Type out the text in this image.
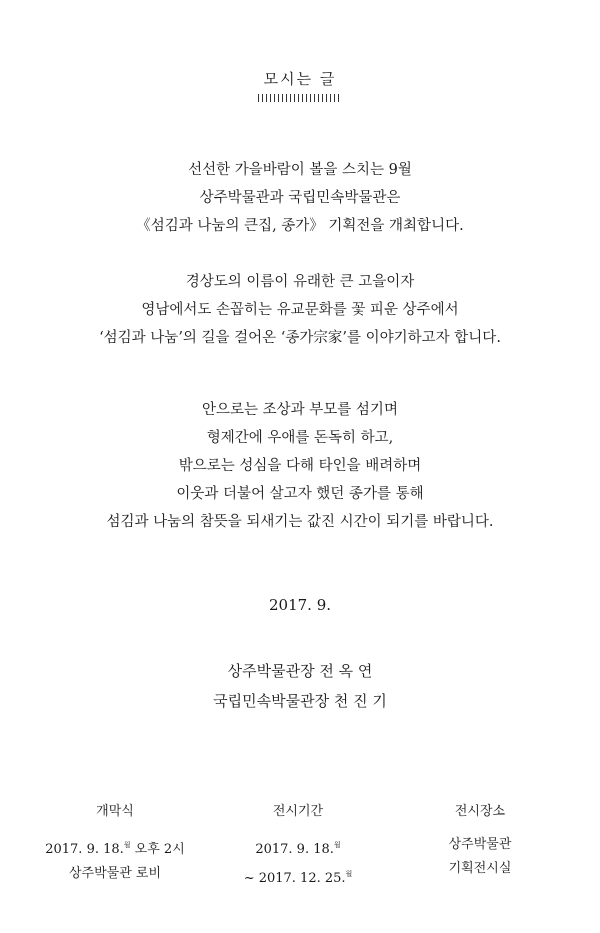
모시는 글
선선한 가을바람이 볼을 스치는 9월
상주박물관과 국립민속박물관은
《섬김과 나눔의 큰집, 종가》 기획전을 개최합니다.
경상도의 이름이 유래한 큰 고을이자
영남에서도 손꼽히는 유교문화를 꽃 피운 상주에서
‘섬김과 나눔’의 길을 걸어온 ‘종가宗家’를 이야기하고자 합니다.
안으로는 조상과 부모를 섬기며
형제간에 우애를 돈독히 하고,
밖으로는 성심을 다해 타인을 배려하며
이웃과 더불어 살고자 했던 종가를 통해
섬김과 나눔의 참뜻을 되새기는 값진 시간이 되기를 바랍니다.
2017. 9.
상주박물관장 전 옥 연
국립민속박물관장 천 진 기
개막식
2017. 9. 18.$^월$ 오후 2시
상주박물관 로비
전시기간
2017. 9. 18.$^월$
~ 2017. 12. 25.$^월$
전시장소
상주박물관
기획전시실
